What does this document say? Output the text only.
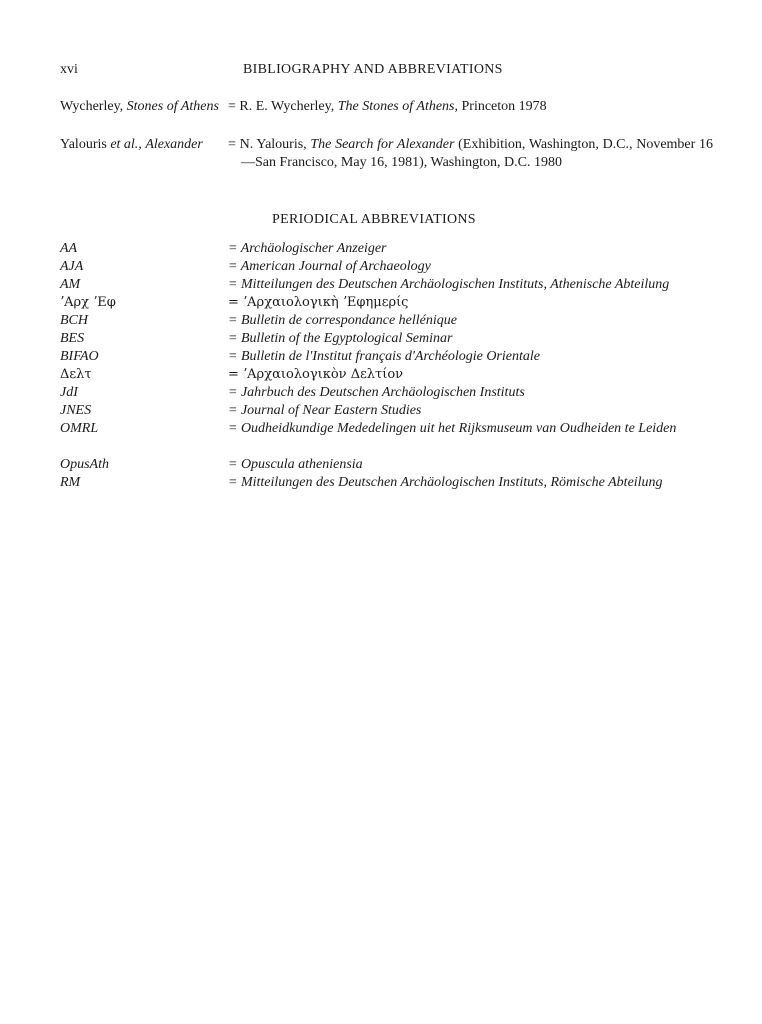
xvi	BIBLIOGRAPHY AND ABBREVIATIONS
Wycherley, Stones of Athens = R. E. Wycherley, The Stones of Athens, Princeton 1978
Yalouris et al., Alexander	= N. Yalouris, The Search for Alexander (Exhibition, Washington, D.C., November 16—San Francisco, May 16, 1981), Washington, D.C. 1980
PERIODICAL ABBREVIATIONS
AA	= Archäologischer Anzeiger
AJA	= American Journal of Archaeology
AM	= Mitteilungen des Deutschen Archäologischen Instituts, Athenische Abteilung
ʼΑρχ ʼΕφ	= ʼΑρχαιολογικὴ ʼΕφημερίς
BCH	= Bulletin de correspondance hellénique
BES	= Bulletin of the Egyptological Seminar
BIFAO	= Bulletin de l'Institut français d'Archéologie Orientale
Δελτ	= ʼΑρχαιολογικὸν Δελτίον
JdI	= Jahrbuch des Deutschen Archäologischen Instituts
JNES	= Journal of Near Eastern Studies
OMRL	= Oudheidkundige Mededelingen uit het Rijksmuseum van Oudheiden te Leiden
OpusAth	= Opuscula atheniensia
RM	= Mitteilungen des Deutschen Archäologischen Instituts, Römische Abteilung
